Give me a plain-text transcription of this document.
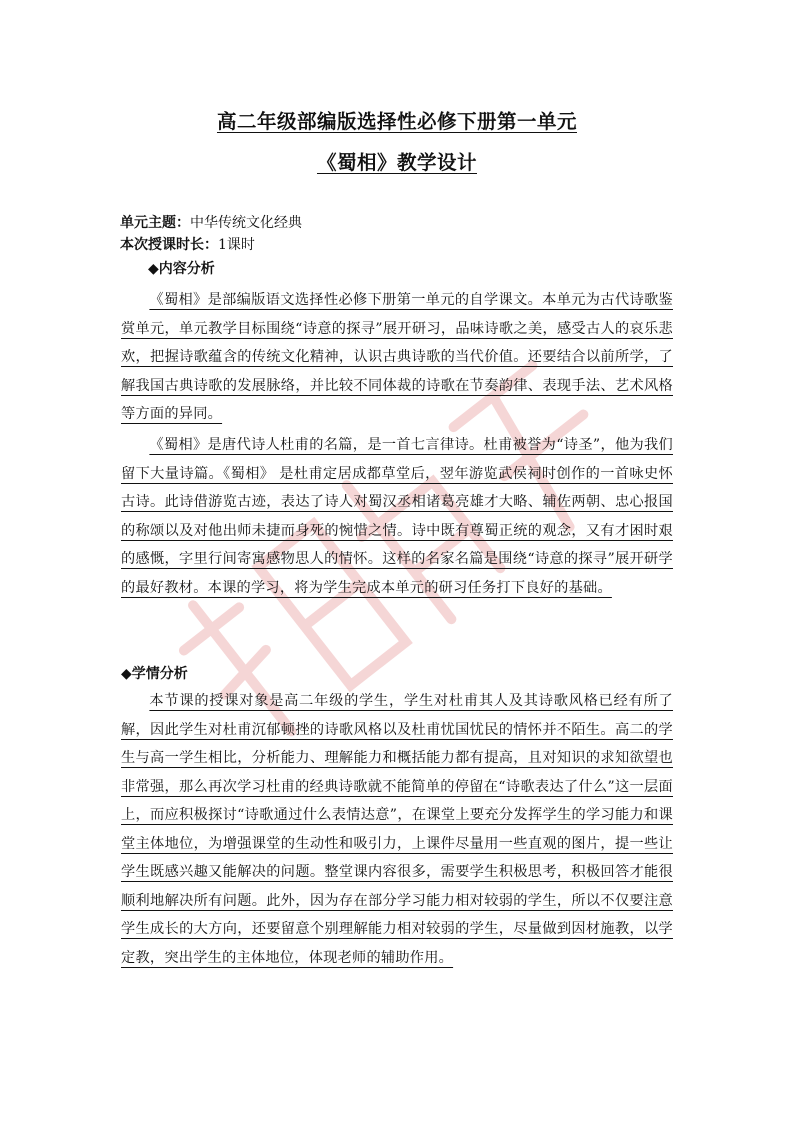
高二年级部编版选择性必修下册第一单元
《蜀相》教学设计
单元主题：中华传统文化经典
本次授课时长：1课时
◆内容分析

《蜀相》是部编版语文选择性必修下册第一单元的自学课文。本单元为古代诗歌鉴赏单元，单元教学目标围绕“诗意的探寻”展开研习，品味诗歌之美，感受古人的哀乐悲欢，把握诗歌蕴含的传统文化精神，认识古典诗歌的当代价值。还要结合以前所学，了解我国古典诗歌的发展脉络，并比较不同体裁的诗歌在节奏韵律、表现手法、艺术风格等方面的异同。

《蜀相》是唐代诗人杜甫的名篇，是一首七言律诗。杜甫被誉为“诗圣”，他为我们留下大量诗篇。《蜀相》 是杜甫定居成都草堂后，翌年游览武侯祠时创作的一首咏史怀古诗。此诗借游览古迹，表达了诗人对蜀汉丞相诸葛亮雄才大略、辅佐两朝、忠心报国的称颂以及对他出师未捷而身死的惋惜之情。诗中既有尊蜀正统的观念，又有才困时艰的感慨，字里行间寄寓感物思人的情怀。这样的名家名篇是围绕“诗意的探寻”展开研学的最好教材。本课的学习，将为学生完成本单元的研习任务打下良好的基础。

◆学情分析

本节课的授课对象是高二年级的学生，学生对杜甫其人及其诗歌风格已经有所了解，因此学生对杜甫沉郁顿挫的诗歌风格以及杜甫忧国忧民的情怀并不陌生。高二的学生与高一学生相比，分析能力、理解能力和概括能力都有提高，且对知识的求知欲望也非常强，那么再次学习杜甫的经典诗歌就不能简单的停留在“诗歌表达了什么”这一层面上，而应积极探讨“诗歌通过什么表情达意”，在课堂上要充分发挥学生的学习能力和课堂主体地位，为增强课堂的生动性和吸引力，上课件尽量用一些直观的图片，提一些让学生既感兴趣又能解决的问题。整堂课内容很多，需要学生积极思考，积极回答才能很顺利地解决所有问题。此外，因为存在部分学习能力相对较弱的学生，所以不仅要注意学生成长的大方向，还要留意个别理解能力相对较弱的学生，尽量做到因材施教，以学定教，突出学生的主体地位，体现老师的辅助作用。
